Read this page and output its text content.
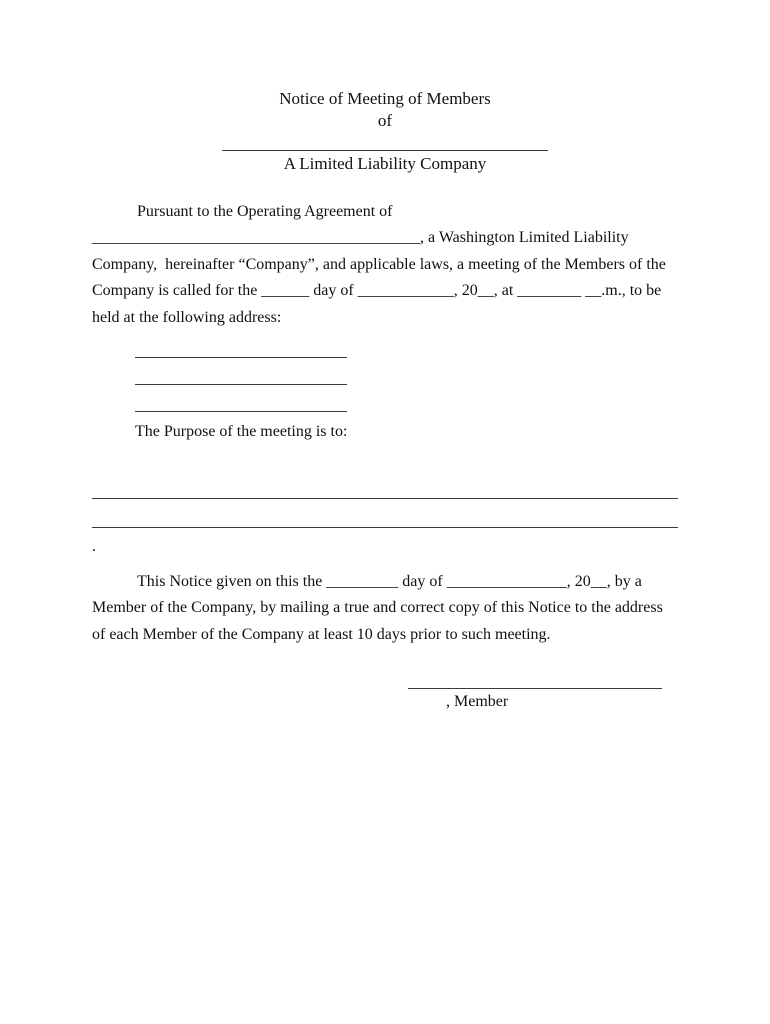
Notice of Meeting of Members
of
A Limited Liability Company

Pursuant to the Operating Agreement of _________________________________________, a Washington Limited Liability Company,  hereinafter “Company”, and applicable laws, a meeting of the Members of the Company is called for the ______ day of ____________, 20__, at ________ __.m., to be held at the following address:

The Purpose of the meeting is to:
.

This Notice given on this the _________ day of _______________, 20__, by a Member of the Company, by mailing a true and correct copy of this Notice to the address of each Member of the Company at least 10 days prior to such meeting.

, Member
